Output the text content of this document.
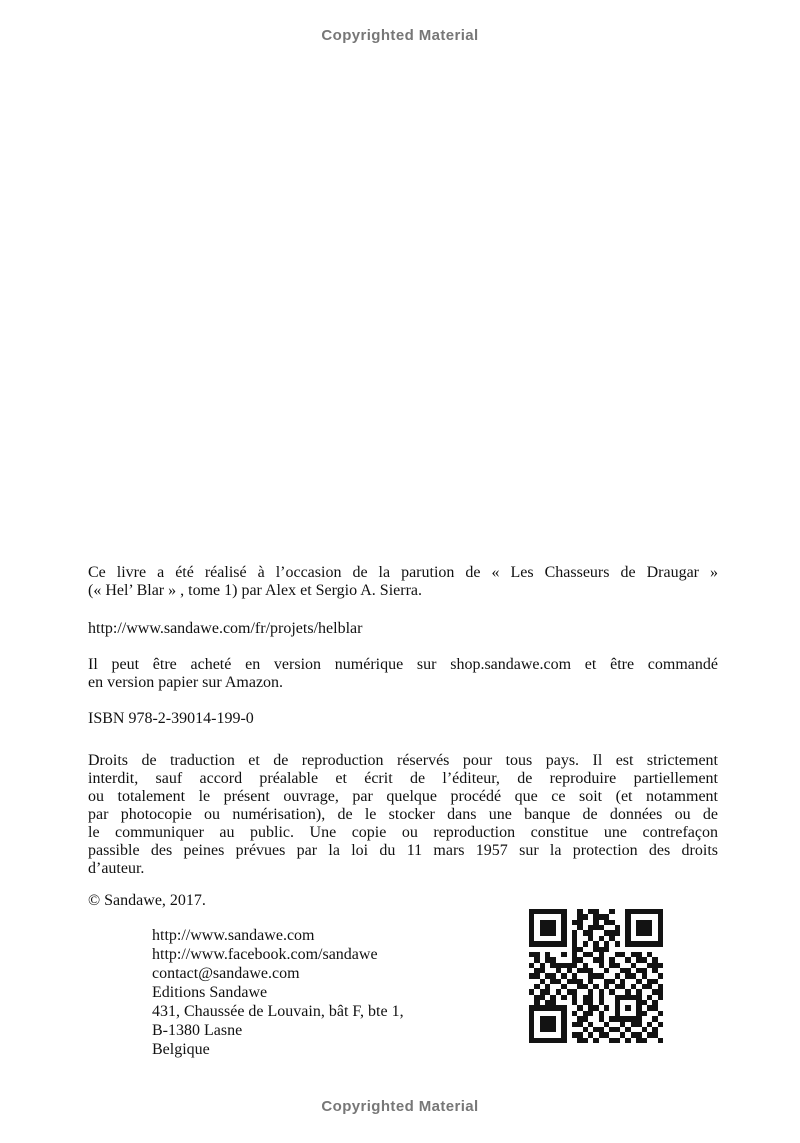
Copyrighted Material
Ce livre a été réalisé à l’occasion de la parution de « Les Chasseurs de Draugar »
(« Hel’ Blar » , tome 1) par Alex et Sergio A. Sierra.
http://www.sandawe.com/fr/projets/helblar
Il peut être acheté en version numérique sur shop.sandawe.com et être commandé
en version papier sur Amazon.
ISBN 978-2-39014-199-0
Droits de traduction et de reproduction réservés pour tous pays. Il est strictement
interdit, sauf accord préalable et écrit de l’éditeur, de reproduire partiellement
ou totalement le présent ouvrage, par quelque procédé que ce soit (et notamment
par photocopie ou numérisation), de le stocker dans une banque de données ou de
le communiquer au public. Une copie ou reproduction constitue une contrefaçon
passible des peines prévues par la loi du 11 mars 1957 sur la protection des droits
d’auteur.
© Sandawe, 2017.
http://www.sandawe.com
http://www.facebook.com/sandawe
contact@sandawe.com
Editions Sandawe
431, Chaussée de Louvain, bât F, bte 1,
B-1380 Lasne
Belgique
Copyrighted Material
